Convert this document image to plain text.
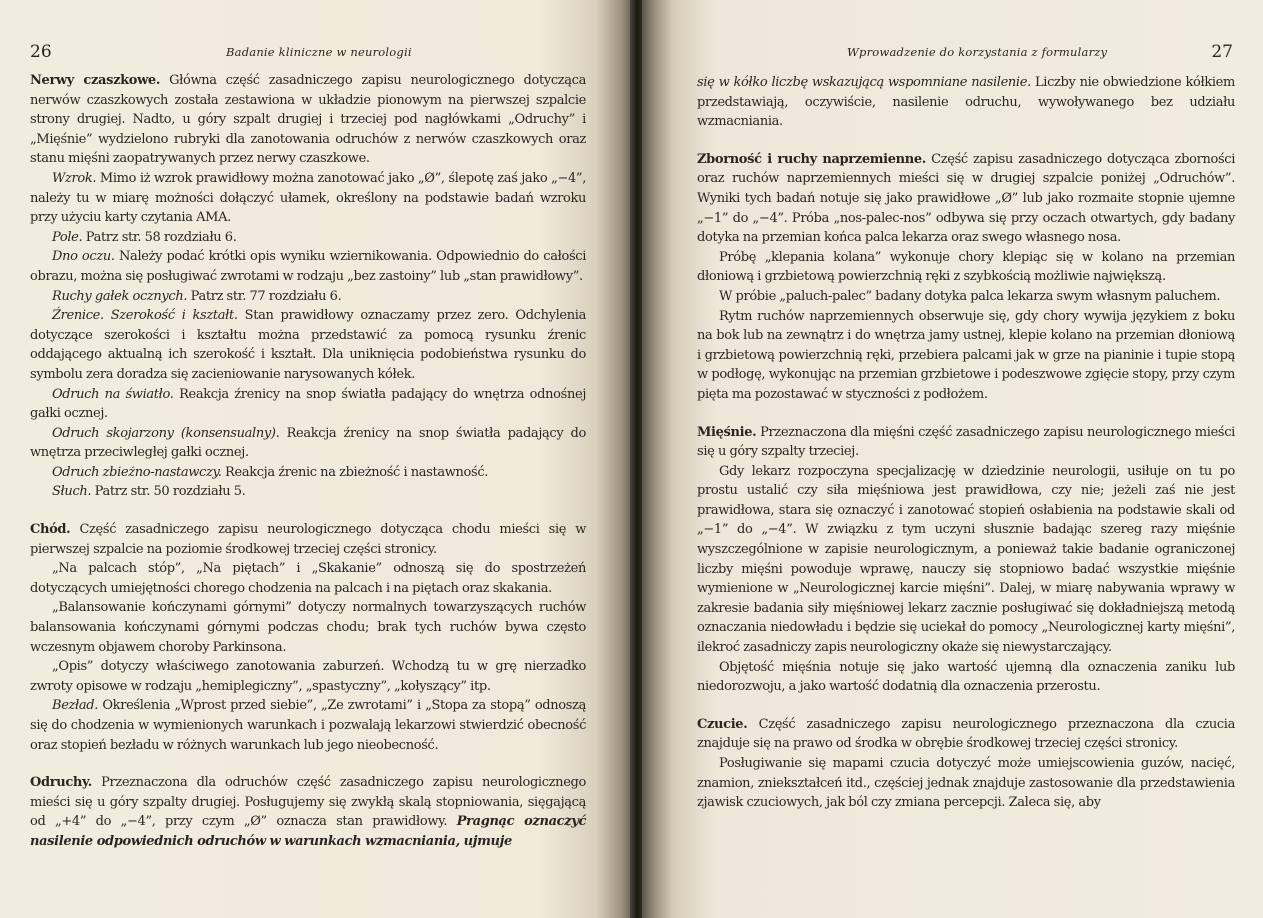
26	Badanie kliniczne w neurologii

Nerwy czaszkowe. Główna część zasadniczego zapisu neurologicznego dotycząca nerwów czaszkowych została zestawiona w układzie pionowym na pierwszej szpalcie strony drugiej. Nadto, u góry szpalt drugiej i trzeciej pod nagłówkami „Odruchy” i „Mięśnie” wydzielono rubryki dla zanotowania odruchów z nerwów czaszkowych oraz stanu mięśni zaopatrywanych przez nerwy czaszkowe.

Wzrok. Mimo iż wzrok prawidłowy można zanotować jako „Ø”, ślepotę zaś jako „−4”, należy tu w miarę możności dołączyć ułamek, określony na podstawie badań wzroku przy użyciu karty czytania AMA.

Pole. Patrz str. 58 rozdziału 6.

Dno oczu. Należy podać krótki opis wyniku wziernikowania. Odpowiednio do całości obrazu, można się posługiwać zwrotami w rodzaju „bez zastoiny” lub „stan prawidłowy”.

Ruchy gałek ocznych. Patrz str. 77 rozdziału 6.

Źrenice. Szerokość i kształt. Stan prawidłowy oznaczamy przez zero. Odchylenia dotyczące szerokości i kształtu można przedstawić za pomocą rysunku źrenic oddającego aktualną ich szerokość i kształt. Dla uniknięcia podobieństwa rysunku do symbolu zera doradza się zacieniowanie narysowanych kółek.

Odruch na światło. Reakcja źrenicy na snop światła padający do wnętrza odnośnej gałki ocznej.

Odruch skojarzony (konsensualny). Reakcja źrenicy na snop światła padający do wnętrza przeciwległej gałki ocznej.

Odruch zbieżno-nastawczy. Reakcja źrenic na zbieżność i nastawność.

Słuch. Patrz str. 50 rozdziału 5.

Chód. Część zasadniczego zapisu neurologicznego dotycząca chodu mieści się w pierwszej szpalcie na poziomie środkowej trzeciej części stronicy.

„Na palcach stóp”, „Na piętach” i „Skakanie” odnoszą się do spostrzeżeń dotyczących umiejętności chorego chodzenia na palcach i na piętach oraz skakania.

„Balansowanie kończynami górnymi” dotyczy normalnych towarzyszących ruchów balansowania kończynami górnymi podczas chodu; brak tych ruchów bywa często wczesnym objawem choroby Parkinsona.

„Opis” dotyczy właściwego zanotowania zaburzeń. Wchodzą tu w grę nierzadko zwroty opisowe w rodzaju „hemiplegiczny”, „spastyczny”, „kołyszący” itp.

Bezład. Określenia „Wprost przed siebie”, „Ze zwrotami” i „Stopa za stopą” odnoszą się do chodzenia w wymienionych warunkach i pozwalają lekarzowi stwierdzić obecność oraz stopień bezładu w różnych warunkach lub jego nieobecność.

Odruchy. Przeznaczona dla odruchów część zasadniczego zapisu neurologicznego mieści się u góry szpalty drugiej. Posługujemy się zwykłą skalą stopniowania, sięgającą od „+4” do „−4”, przy czym „Ø” oznacza stan prawidłowy. Pragnąc oznaczyć nasilenie odpowiednich odruchów w warunkach wzmacniania, ujmuje

Wprowadzenie do korzystania z formularzy	27

się w kółko liczbę wskazującą wspomniane nasilenie. Liczby nie obwiedzione kółkiem przedstawiają, oczywiście, nasilenie odruchu, wywoływanego bez udziału wzmacniania.

Zborność i ruchy naprzemienne. Część zapisu zasadniczego dotycząca zborności oraz ruchów naprzemiennych mieści się w drugiej szpalcie poniżej „Odruchów”. Wyniki tych badań notuje się jako prawidłowe „Ø” lub jako rozmaite stopnie ujemne „−1” do „−4”. Próba „nos-palec-nos” odbywa się przy oczach otwartych, gdy badany dotyka na przemian końca palca lekarza oraz swego własnego nosa.

Próbę „klepania kolana” wykonuje chory klepiąc się w kolano na przemian dłoniową i grzbietową powierzchnią ręki z szybkością możliwie największą.

W próbie „paluch-palec” badany dotyka palca lekarza swym własnym paluchem.

Rytm ruchów naprzemiennych obserwuje się, gdy chory wywija językiem z boku na bok lub na zewnątrz i do wnętrza jamy ustnej, klepie kolano na przemian dłoniową i grzbietową powierzchnią ręki, przebiera palcami jak w grze na pianinie i tupie stopą w podłogę, wykonując na przemian grzbietowe i podeszwowe zgięcie stopy, przy czym pięta ma pozostawać w styczności z podłożem.

Mięśnie. Przeznaczona dla mięśni część zasadniczego zapisu neurologicznego mieści się u góry szpalty trzeciej.

Gdy lekarz rozpoczyna specjalizację w dziedzinie neurologii, usiłuje on tu po prostu ustalić czy siła mięśniowa jest prawidłowa, czy nie; jeżeli zaś nie jest prawidłowa, stara się oznaczyć i zanotować stopień osłabienia na podstawie skali od „−1” do „−4”. W związku z tym uczyni słusznie badając szereg razy mięśnie wyszczególnione w zapisie neurologicznym, a ponieważ takie badanie ograniczonej liczby mięśni powoduje wprawę, nauczy się stopniowo badać wszystkie mięśnie wymienione w „Neurologicznej karcie mięśni”. Dalej, w miarę nabywania wprawy w zakresie badania siły mięśniowej lekarz zacznie posługiwać się dokładniejszą metodą oznaczania niedowładu i będzie się uciekał do pomocy „Neurologicznej karty mięśni”, ilekroć zasadniczy zapis neurologiczny okaże się niewystarczający.

Objętość mięśnia notuje się jako wartość ujemną dla oznaczenia zaniku lub niedorozwoju, a jako wartość dodatnią dla oznaczenia przerostu.

Czucie. Część zasadniczego zapisu neurologicznego przeznaczona dla czucia znajduje się na prawo od środka w obrębie środkowej trzeciej części stronicy.

Posługiwanie się mapami czucia dotyczyć może umiejscowienia guzów, nacięć, znamion, zniekształceń itd., częściej jednak znajduje zastosowanie dla przedstawienia zjawisk czuciowych, jak ból czy zmiana percepcji. Zaleca się, aby
